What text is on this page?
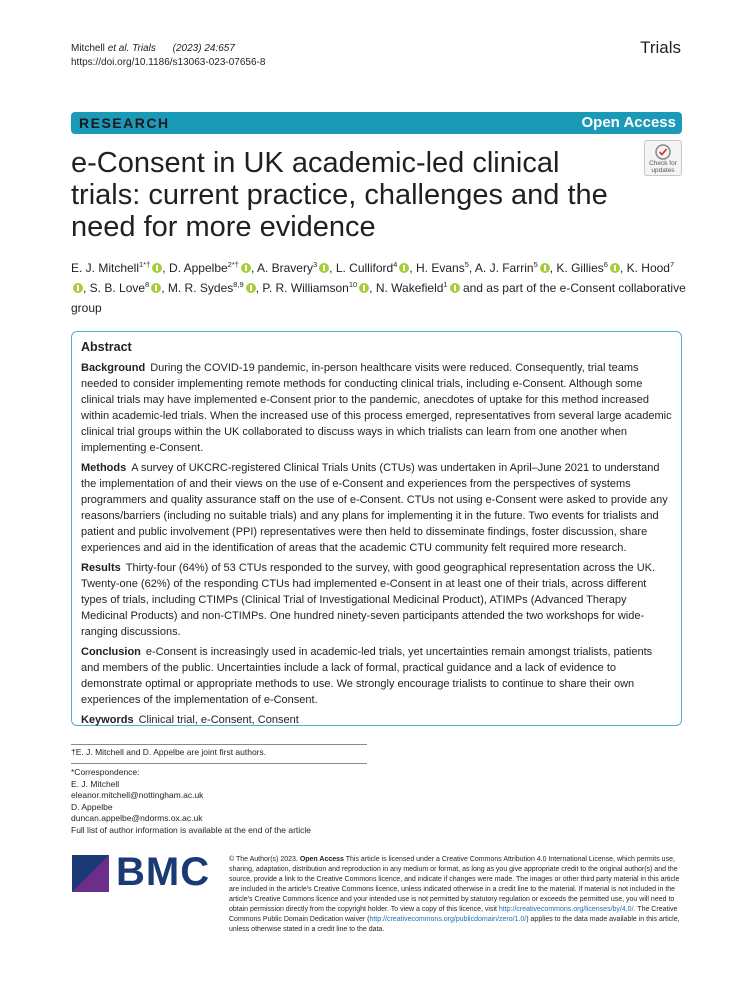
Mitchell et al. Trials (2023) 24:657
https://doi.org/10.1186/s13063-023-07656-8
Trials
RESEARCH	Open Access
e-Consent in UK academic-led clinical trials: current practice, challenges and the need for more evidence
Check for
updates
E. J. Mitchell$^{1*\dagger}$ , D. Appelbe$^{2*\dagger}$ , A. Bravery$^3$ , L. Culliford$^4$ , H. Evans$^5$, A. J. Farrin$^5$ , K. Gillies$^6$ , K. Hood$^7$, S. B. Love$^8$ , M. R. Sydes$^{8,9}$ , P. R. Williamson$^{10}$ , N. Wakefield$^1$ and as part of the e-Consent collaborative group
Abstract

Background During the COVID-19 pandemic, in-person healthcare visits were reduced. Consequently, trial teams needed to consider implementing remote methods for conducting clinical trials, including e-Consent. Although some clinical trials may have implemented e-Consent prior to the pandemic, anecdotes of uptake for this method increased within academic-led trials. When the increased use of this process emerged, representatives from several large academic clinical trial groups within the UK collaborated to discuss ways in which trialists can learn from one another when implementing e-Consent.

Methods A survey of UKCRC-registered Clinical Trials Units (CTUs) was undertaken in April–June 2021 to understand the implementation of and their views on the use of e-Consent and experiences from the perspectives of systems programmers and quality assurance staff on the use of e-Consent. CTUs not using e-Consent were asked to provide any reasons/barriers (including no suitable trials) and any plans for implementing it in the future. Two events for trialists and patient and public involvement (PPI) representatives were then held to disseminate findings, foster discussion, share experiences and aid in the identification of areas that the academic CTU community felt required more research.

Results Thirty-four (64%) of 53 CTUs responded to the survey, with good geographical representation across the UK. Twenty-one (62%) of the responding CTUs had implemented e-Consent in at least one of their trials, across different types of trials, including CTIMPs (Clinical Trial of Investigational Medicinal Product), ATIMPs (Advanced Therapy Medicinal Products) and non-CTIMPs. One hundred ninety-seven participants attended the two workshops for wide-ranging discussions.

Conclusion e-Consent is increasingly used in academic-led trials, yet uncertainties remain amongst trialists, patients and members of the public. Uncertainties include a lack of formal, practical guidance and a lack of evidence to demonstrate optimal or appropriate methods to use. We strongly encourage trialists to continue to share their own experiences of the implementation of e-Consent.

Keywords Clinical trial, e-Consent, Consent

†E. J. Mitchell and D. Appelbe are joint first authors.
*Correspondence:
E. J. Mitchell
eleanor.mitchell@nottingham.ac.uk
D. Appelbe
duncan.appelbe@ndorms.ox.ac.uk
Full list of author information is available at the end of the article
BMC	© The Author(s) 2023. Open Access This article is licensed under a Creative Commons Attribution 4.0 International License, which permits use, sharing, adaptation, distribution and reproduction in any medium or format, as long as you give appropriate credit to the original author(s) and the source, provide a link to the Creative Commons licence, and indicate if changes were made. The images or other third party material in this article are included in the article's Creative Commons licence, unless indicated otherwise in a credit line to the material. If material is not included in the article's Creative Commons licence and your intended use is not permitted by statutory regulation or exceeds the permitted use, you will need to obtain permission directly from the copyright holder. To view a copy of this licence, visit http://creativecommons.org/licenses/by/4.0/. The Creative Commons Public Domain Dedication waiver (http://creativecommons.org/publicdomain/zero/1.0/) applies to the data made available in this article, unless otherwise stated in a credit line to the data.
